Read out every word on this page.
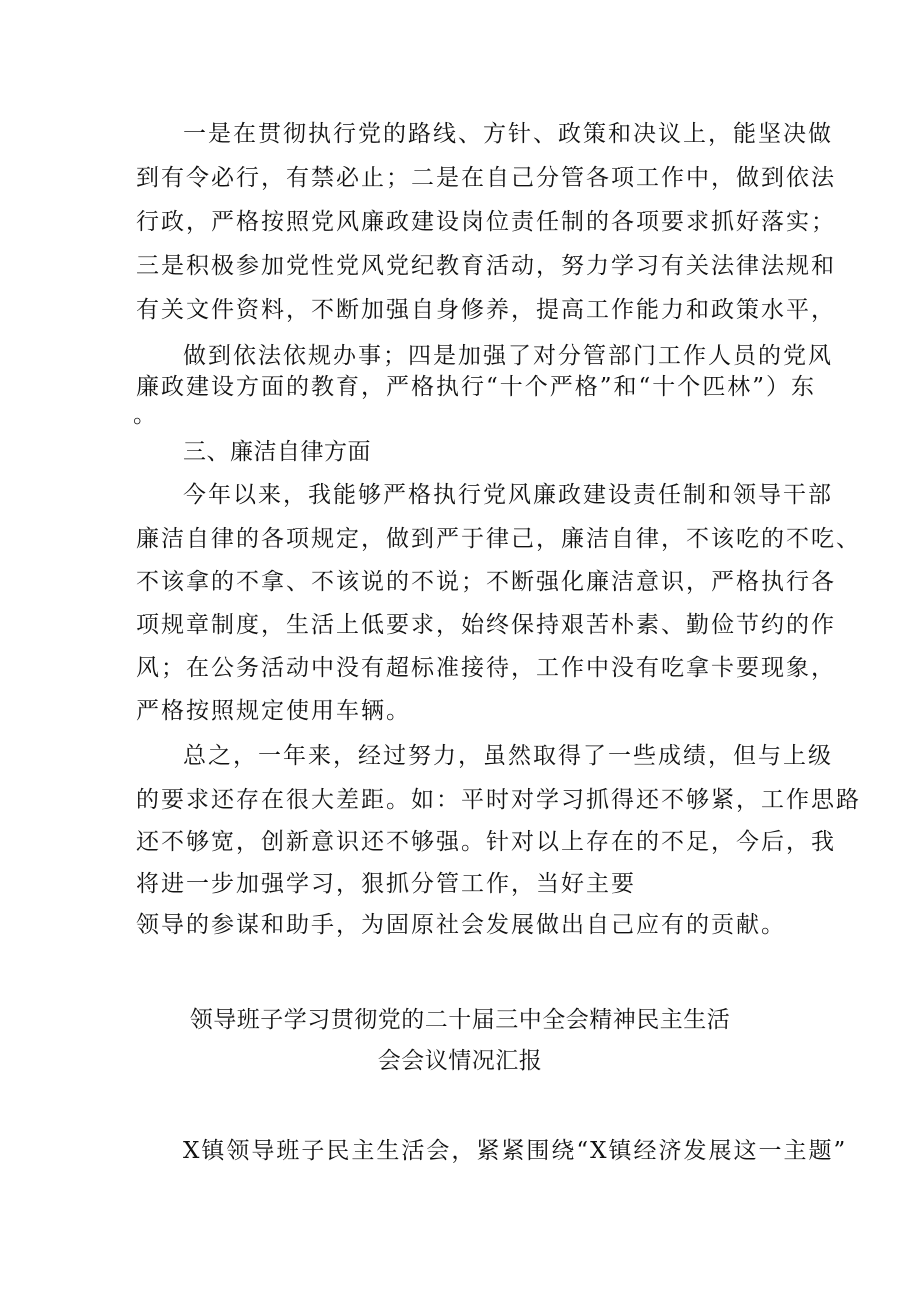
一是在贯彻执行党的路线、方针、政策和决议上，能坚决做

到有令必行，有禁必止；二是在自己分管各项工作中，做到依法

行政，严格按照党风廉政建设岗位责任制的各项要求抓好落实；

三是积极参加党性党风党纪教育活动，努力学习有关法律法规和

有关文件资料，不断加强自身修养，提高工作能力和政策水平，

做到依法依规办事；四是加强了对分管部门工作人员的党风

廉政建设方面的教育，严格执行“十个严格”和“十个匹林”）东

。

三、廉洁自律方面

今年以来，我能够严格执行党风廉政建设责任制和领导干部

廉洁自律的各项规定，做到严于律己，廉洁自律，不该吃的不吃、

不该拿的不拿、不该说的不说；不断强化廉洁意识，严格执行各

项规章制度，生活上低要求，始终保持艰苦朴素、勤俭节约的作

风；在公务活动中没有超标准接待，工作中没有吃拿卡要现象，

严格按照规定使用车辆。

总之，一年来，经过努力，虽然取得了一些成绩，但与上级

的要求还存在很大差距。如：平时对学习抓得还不够紧，工作思路

还不够宽，创新意识还不够强。针对以上存在的不足，今后，我

将进一步加强学习，狠抓分管工作，当好主要

领导的参谋和助手，为固原社会发展做出自己应有的贡献。

领导班子学习贯彻党的二十届三中全会精神民主生活

会会议情况汇报

X镇领导班子民主生活会，紧紧围绕“X镇经济发展这一主题”
